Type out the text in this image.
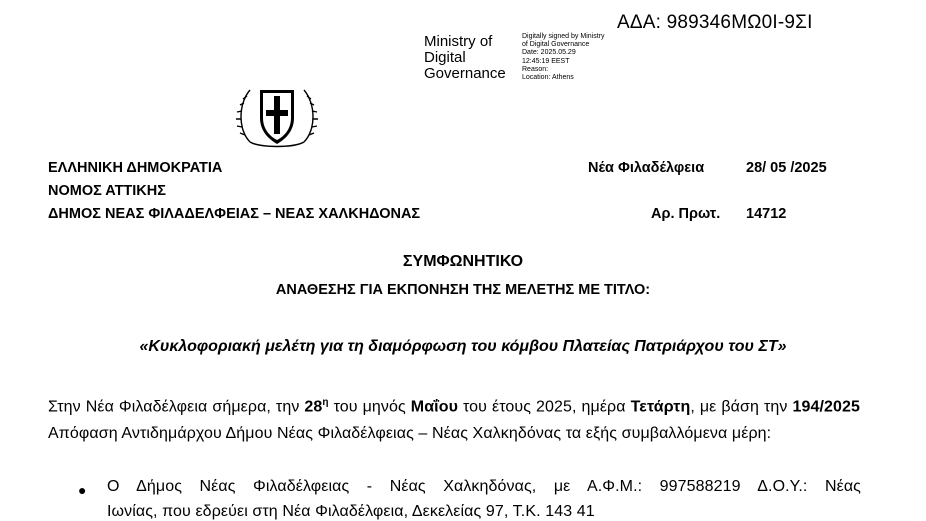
ΑΔΑ: 989346ΜΩ0Ι-9ΣΙ
Ministry of
Digital
Governance
Digitally signed by Ministry
of Digital Governance
Date: 2025.05.29
12:45:19 EEST
Reason:
Location: Athens
ΕΛΛΗΝΙΚΗ ΔΗΜΟΚΡΑΤΙΑ
ΝΟΜΟΣ ΑΤΤΙΚΗΣ
ΔΗΜΟΣ ΝΕΑΣ ΦΙΛΑΔΕΛΦΕΙΑΣ – ΝΕΑΣ ΧΑΛΚΗΔΟΝΑΣ
Νέα Φιλαδέλφεια	28/ 05 /2025
Αρ. Πρωτ. 14712
ΣΥΜΦΩΝΗΤΙΚΟ
ΑΝΑΘΕΣΗΣ ΓΙΑ ΕΚΠΟΝΗΣΗ ΤΗΣ ΜΕΛΕΤΗΣ ΜΕ ΤΙΤΛΟ:
«Κυκλοφοριακή μελέτη για τη διαμόρφωση του κόμβου Πλατείας Πατριάρχου του ΣΤ»
Στην Νέα Φιλαδέλφεια σήμερα, την $28^\eta$ του μηνός Μαΐου του έτους 2025, ημέρα Τετάρτη, με βάση την 194/2025 Απόφαση Αντιδημάρχου Δήμου Νέας Φιλαδέλφειας – Νέας Χαλκηδόνας τα εξής συμβαλλόμενα μέρη:
● Ο Δήμος Νέας Φιλαδέλφειας - Νέας Χαλκηδόνας, με Α.Φ.Μ.: 997588219 Δ.Ο.Υ.: Νέας
Ιωνίας, που εδρεύει στη Νέα Φιλαδέλφεια, Δεκελείας 97, Τ.Κ. 143 41
